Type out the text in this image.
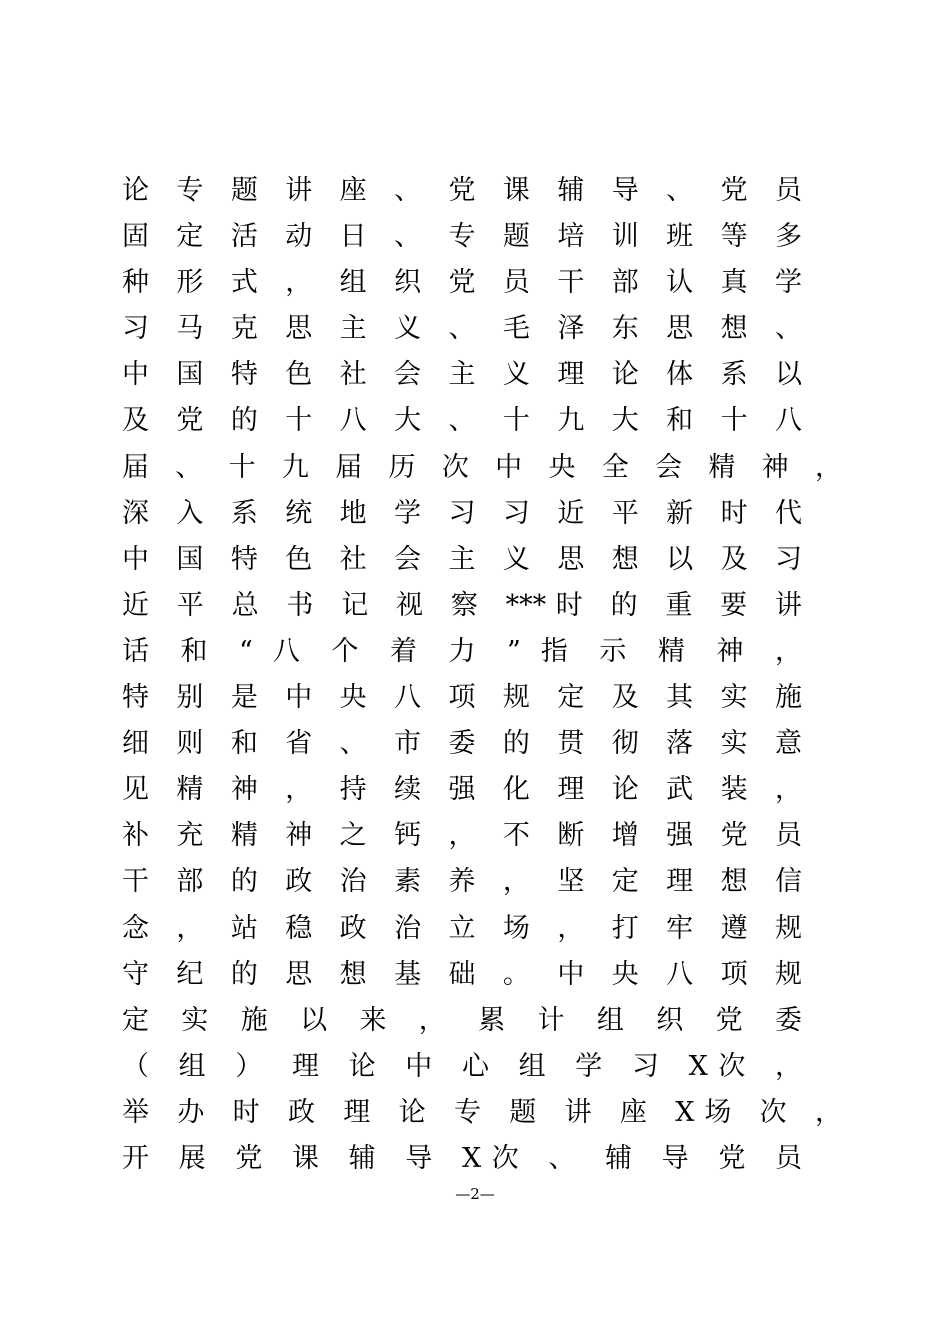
论 专 题 讲 座 、 党 课 辅 导 、 党 员
固 定 活 动 日 、 专 题 培 训 班 等 多
种 形 式 ， 组 织 党 员 干 部 认 真 学
习 马 克 思 主 义 、 毛 泽 东 思 想 、
中 国 特 色 社 会 主 义 理 论 体 系 以
及 党 的 十 八 大 、 十 九 大 和 十 八
届 、 十 九 届 历 次 中 央 全 会 精 神 ，
深 入 系 统 地 学 习 习 近 平 新 时 代
中 国 特 色 社 会 主 义 思 想 以 及 习
近 平 总 书 记 视 察 ***时 的 重 要 讲
话 和 “ 八 个 着 力 ” 指 示 精 神 ，
特 别 是 中 央 八 项 规 定 及 其 实 施
细 则 和 省 、 市 委 的 贯 彻 落 实 意
见 精 神 ， 持 续 强 化 理 论 武 装 ，
补 充 精 神 之 钙 ， 不 断 增 强 党 员
干 部 的 政 治 素 养 ， 坚 定 理 想 信
念 ， 站 稳 政 治 立 场 ， 打 牢 遵 规
守 纪 的 思 想 基 础 。 中 央 八 项 规
定 实 施 以 来 ， 累 计 组 织 党 委
（ 组 ） 理 论 中 心 组 学 习 X次 ，
举 办 时 政 理 论 专 题 讲 座 X场 次 ，
开 展 党 课 辅 导 X次 、 辅 导 党 员
—2—
